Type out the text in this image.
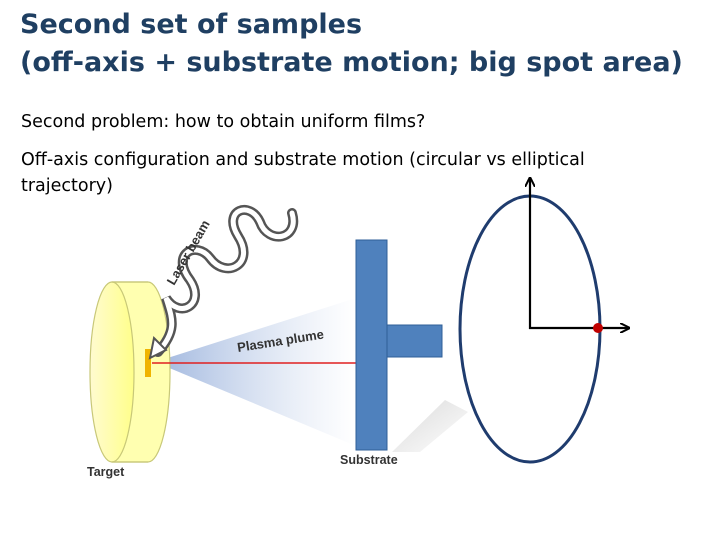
Second set of samples
(off-axis + substrate motion; big spot area)
Second problem: how to obtain uniform films?
Off-axis configuration and substrate motion (circular vs elliptical trajectory)
Laser beam
Plasma plume
Substrate
Target
